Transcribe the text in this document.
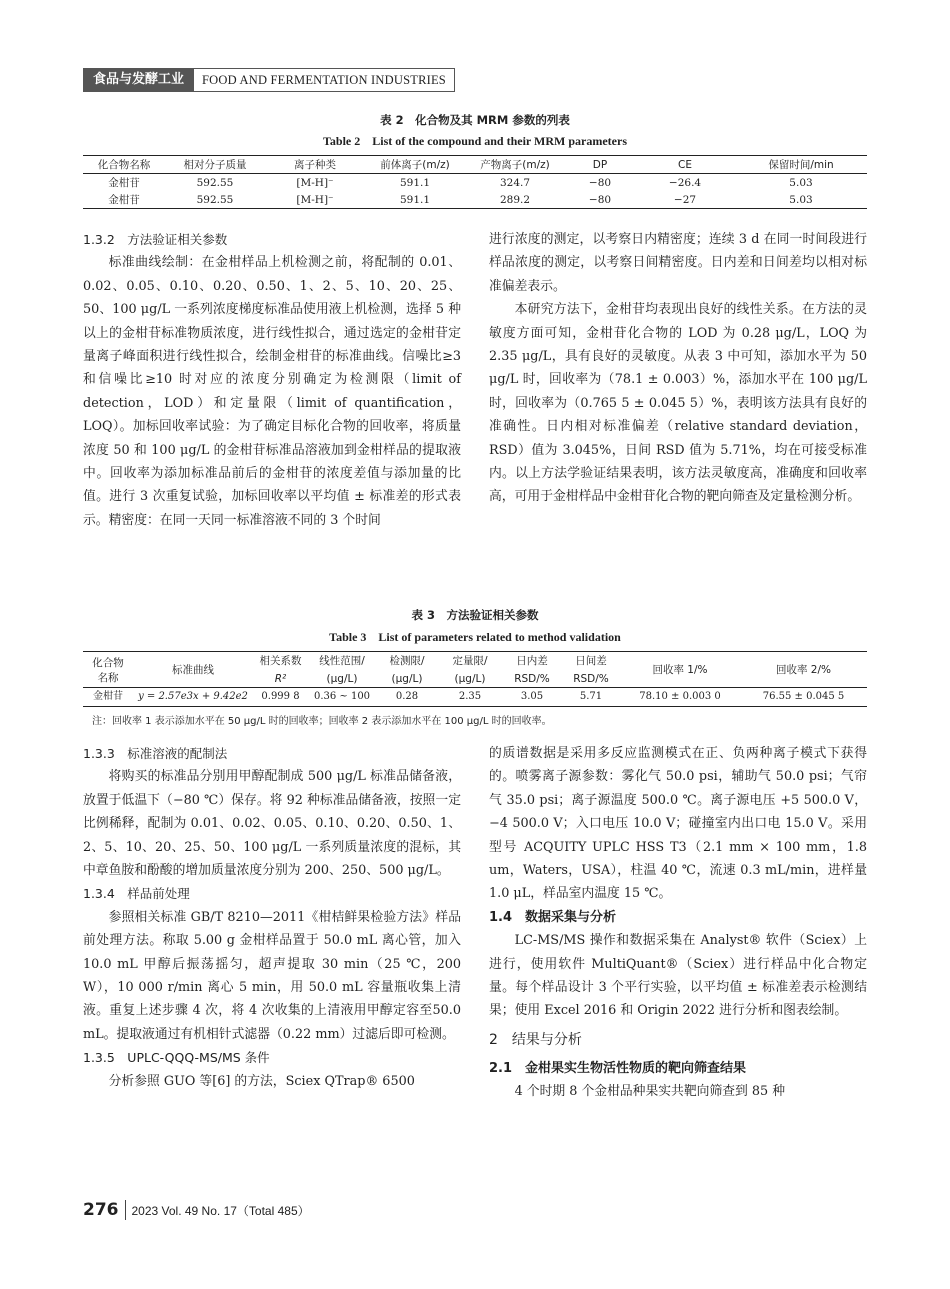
食品与发酵工业	FOOD AND FERMENTATION INDUSTRIES
表 2　化合物及其 MRM 参数的列表
Table 2　List of the compound and their MRM parameters
化合物名称	相对分子质量	离子种类	前体离子(m/z)	产物离子(m/z)	DP	CE	保留时间/min
金柑苷	592.55	[M-H]⁻	591.1	324.7	−80	−26.4	5.03
金柑苷	592.55	[M-H]⁻	591.1	289.2	−80	−27	5.03

1.3.2　方法验证相关参数

标准曲线绘制：在金柑样品上机检测之前，将配制的 0.01、0.02、0.05、0.10、0.20、0.50、1、2、5、10、20、25、50、100 μg/L 一系列浓度梯度标准品使用液上机检测，选择 5 种以上的金柑苷标准物质浓度，进行线性拟合，通过选定的金柑苷定量离子峰面积进行线性拟合，绘制金柑苷的标准曲线。信噪比≥3 和信噪比≥10 时对应的浓度分别确定为检测限（limit of detection，LOD）和定量限（limit of quantification，LOQ）。加标回收率试验：为了确定目标化合物的回收率，将质量浓度 50 和 100 μg/L 的金柑苷标准品溶液加到金柑样品的提取液中。回收率为添加标准品前后的金柑苷的浓度差值与添加量的比值。进行 3 次重复试验，加标回收率以平均值 ± 标准差的形式表示。精密度：在同一天同一标准溶液不同的 3 个时间

进行浓度的测定，以考察日内精密度；连续 3 d 在同一时间段进行样品浓度的测定，以考察日间精密度。日内差和日间差均以相对标准偏差表示。

本研究方法下，金柑苷均表现出良好的线性关系。在方法的灵敏度方面可知，金柑苷化合物的 LOD 为 0.28 μg/L，LOQ 为 2.35 μg/L，具有良好的灵敏度。从表 3 中可知，添加水平为 50 μg/L 时，回收率为（78.1 ± 0.003）%，添加水平在 100 μg/L 时，回收率为（0.765 5 ± 0.045 5）%，表明该方法具有良好的准确性。日内相对标准偏差（relative standard deviation，RSD）值为 3.045%，日间 RSD 值为 5.71%，均在可接受标准内。以上方法学验证结果表明，该方法灵敏度高，准确度和回收率高，可用于金柑样品中金柑苷化合物的靶向筛查及定量检测分析。

表 3　方法验证相关参数
Table 3　List of parameters related to method validation
化合物	标准曲线	相关系数	线性范围/	检测限/	定量限/	日内差	日间差	回收率 1/%	回收率 2/%
名称		R²	(μg/L)	(μg/L)	(μg/L)	RSD/%	RSD/%		
金柑苷	y = 2.57e3x + 9.42e2	0.999 8	0.36 ~ 100	0.28	2.35	3.05	5.71	78.10 ± 0.003 0	76.55 ± 0.045 5
注：回收率 1 表示添加水平在 50 μg/L 时的回收率；回收率 2 表示添加水平在 100 μg/L 时的回收率。

1.3.3　标准溶液的配制法

将购买的标准品分别用甲醇配制成 500 μg/L 标准品储备液，放置于低温下（−80 ℃）保存。将 92 种标准品储备液，按照一定比例稀释，配制为 0.01、0.02、0.05、0.10、0.20、0.50、1、2、5、10、20、25、50、100 μg/L 一系列质量浓度的混标，其中章鱼胺和酚酸的增加质量浓度分别为 200、250、500 μg/L。

1.3.4　样品前处理

参照相关标准 GB/T 8210—2011《柑桔鲜果检验方法》样品前处理方法。称取 5.00 g 金柑样品置于 50.0 mL 离心管，加入 10.0 mL 甲醇后振荡摇匀，超声提取 30 min（25 ℃，200 W），10 000 r/min 离心 5 min，用 50.0 mL 容量瓶收集上清液。重复上述步骤 4 次，将 4 次收集的上清液用甲醇定容至50.0 mL。提取液通过有机相针式滤器（0.22 mm）过滤后即可检测。

1.3.5　UPLC-QQQ-MS/MS 条件

分析参照 GUO 等[6] 的方法，Sciex QTrap® 6500

的质谱数据是采用多反应监测模式在正、负两种离子模式下获得的。喷雾离子源参数：雾化气 50.0 psi，辅助气 50.0 psi；气帘气 35.0 psi；离子源温度 500.0 ℃。离子源电压 +5 500.0 V，−4 500.0 V；入口电压 10.0 V；碰撞室内出口电 15.0 V。采用型号 ACQUITY UPLC HSS T3（2.1 mm × 100 mm，1.8 um，Waters，USA），柱温 40 ℃，流速 0.3 mL/min，进样量 1.0 μL，样品室内温度 15 ℃。

1.4　数据采集与分析

LC-MS/MS 操作和数据采集在 Analyst® 软件（Sciex）上进行，使用软件 MultiQuant®（Sciex）进行样品中化合物定量。每个样品设计 3 个平行实验，以平均值 ± 标准差表示检测结果；使用 Excel 2016 和 Origin 2022 进行分析和图表绘制。

2　结果与分析

2.1　金柑果实生物活性物质的靶向筛查结果

4 个时期 8 个金柑品种果实共靶向筛查到 85 种

276	2023 Vol. 49 No. 17（Total 485）
